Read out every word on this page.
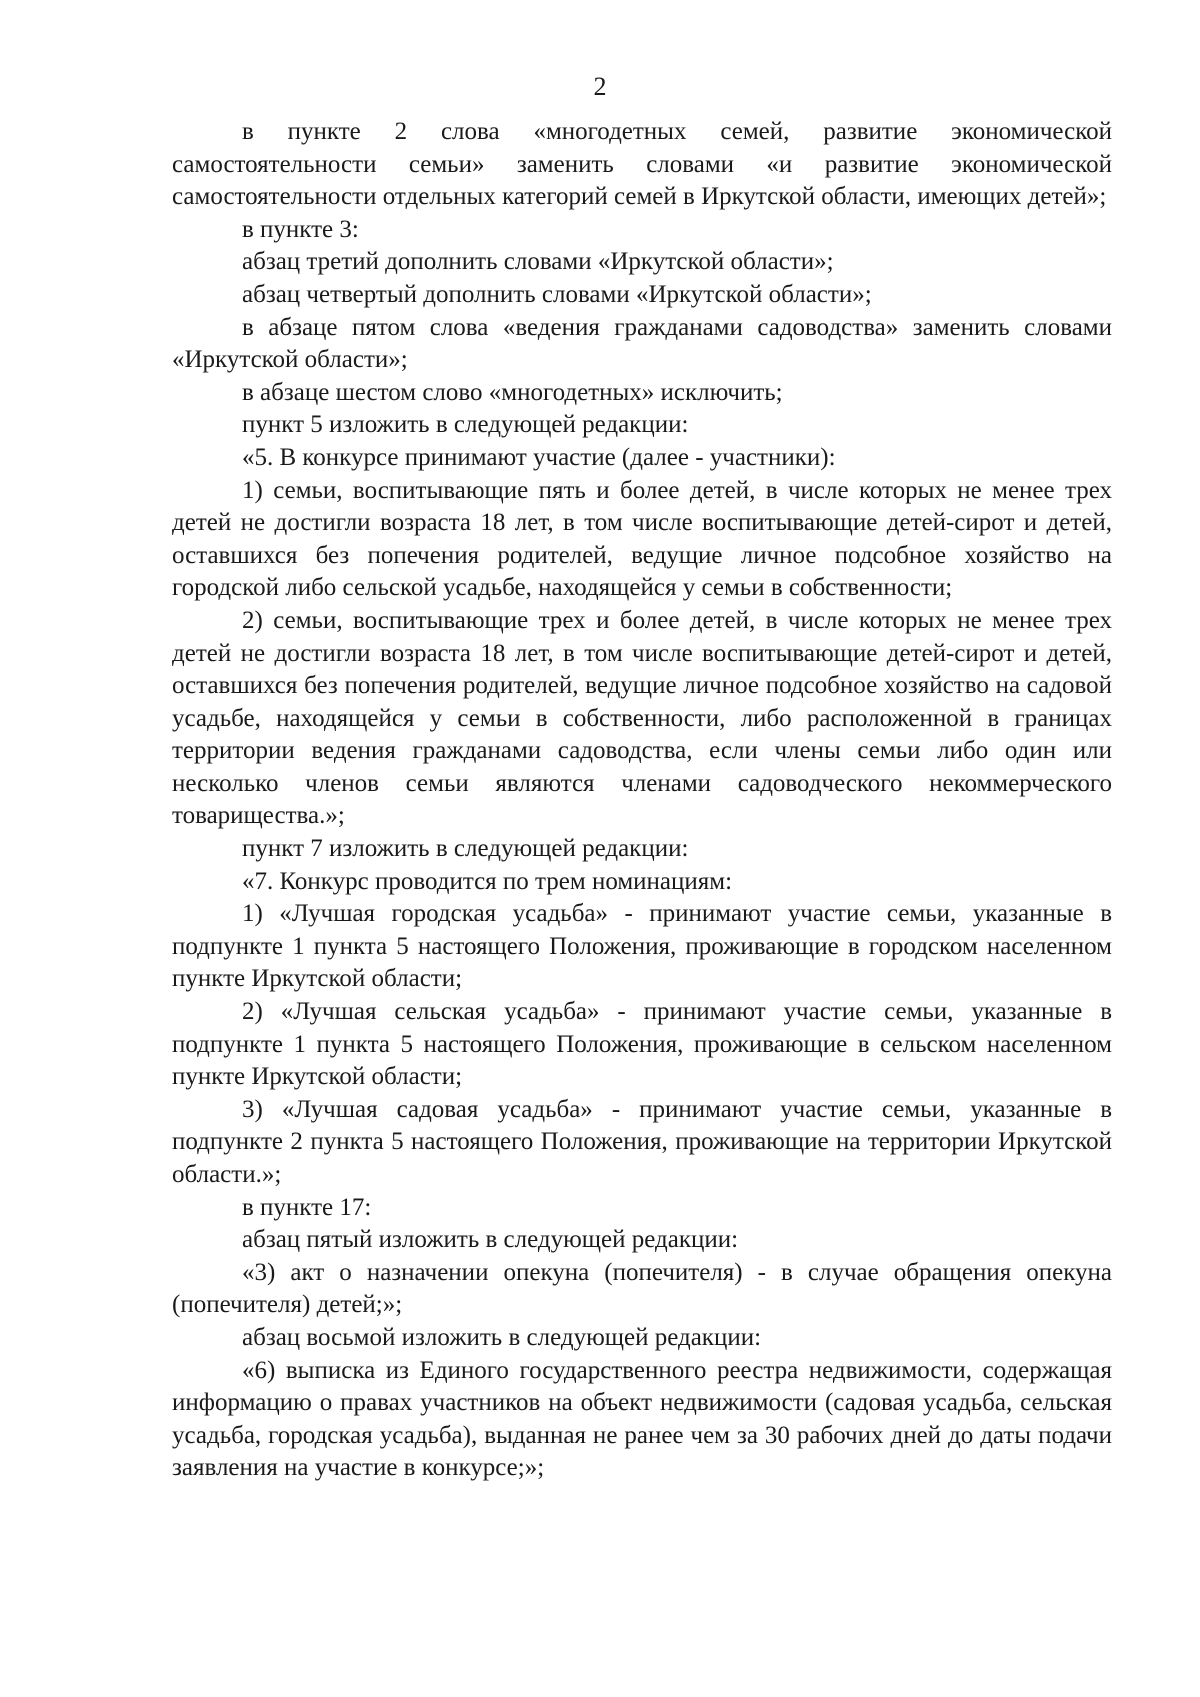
2

в пункте 2 слова «многодетных семей, развитие экономической самостоятельности семьи» заменить словами «и развитие экономической самостоятельности отдельных категорий семей в Иркутской области, имеющих детей»;

в пункте 3:

абзац третий дополнить словами «Иркутской области»;

абзац четвертый дополнить словами «Иркутской области»;

в абзаце пятом слова «ведения гражданами садоводства» заменить словами «Иркутской области»;

в абзаце шестом слово «многодетных» исключить;

пункт 5 изложить в следующей редакции:

«5. В конкурсе принимают участие (далее - участники):

1) семьи, воспитывающие пять и более детей, в числе которых не менее трех детей не достигли возраста 18 лет, в том числе воспитывающие детей-сирот и детей, оставшихся без попечения родителей, ведущие личное подсобное хозяйство на городской либо сельской усадьбе, находящейся у семьи в собственности;

2) семьи, воспитывающие трех и более детей, в числе которых не менее трех детей не достигли возраста 18 лет, в том числе воспитывающие детей-сирот и детей, оставшихся без попечения родителей, ведущие личное подсобное хозяйство на садовой усадьбе, находящейся у семьи в собственности, либо расположенной в границах территории ведения гражданами садоводства, если члены семьи либо один или несколько членов семьи являются членами садоводческого некоммерческого товарищества.»;

пункт 7 изложить в следующей редакции:

«7. Конкурс проводится по трем номинациям:

1) «Лучшая городская усадьба» - принимают участие семьи, указанные в подпункте 1 пункта 5 настоящего Положения, проживающие в городском населенном пункте Иркутской области;

2) «Лучшая сельская усадьба» - принимают участие семьи, указанные в подпункте 1 пункта 5 настоящего Положения, проживающие в сельском населенном пункте Иркутской области;

3) «Лучшая садовая усадьба» - принимают участие семьи, указанные в подпункте 2 пункта 5 настоящего Положения, проживающие на территории Иркутской области.»;

в пункте 17:

абзац пятый изложить в следующей редакции:

«3) акт о назначении опекуна (попечителя) - в случае обращения опекуна (попечителя) детей;»;

абзац восьмой изложить в следующей редакции:

«6) выписка из Единого государственного реестра недвижимости, содержащая информацию о правах участников на объект недвижимости (садовая усадьба, сельская усадьба, городская усадьба), выданная не ранее чем за 30 рабочих дней до даты подачи заявления на участие в конкурсе;»;
